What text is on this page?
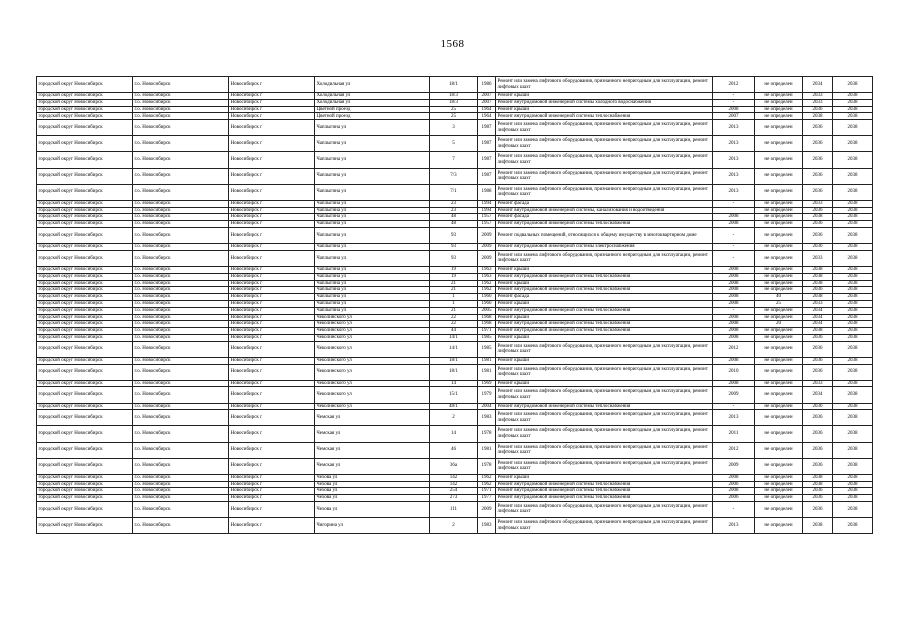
1568
городской округ Новосибирск	г.о. Новосибирск	Новосибирск г	Холодильная ул	18/1	1986	Ремонт или замена лифтового оборудования, признанного непригодным для эксплуатации, ремонт лифтовых шахт	2012	не определен	2034	2038
городской округ Новосибирск	г.о. Новосибирск	Новосибирск г	Холодильная ул	18/3	2007	Ремонт крыши	-	не определен	2033	2038
городской округ Новосибирск	г.о. Новосибирск	Новосибирск г	Холодильная ул	18/3	2007	Ремонт внутридомовой инженерной системы холодного водоснабжения	-	не определен	2033	2038
городской округ Новосибирск	г.о. Новосибирск	Новосибирск г	Цветной проезд	25	1964	Ремонт крыши	2008	не определен	2036	2038
городской округ Новосибирск	г.о. Новосибирск	Новосибирск г	Цветной проезд	25	1964	Ремонт внутридомовой инженерной системы теплоснабжения	2007	не определен	2038	2038
городской округ Новосибирск	г.о. Новосибирск	Новосибирск г	Чаплыгина ул	3	1987	Ремонт или замена лифтового оборудования, признанного непригодным для эксплуатации, ремонт лифтовых шахт	2013	не определен	2036	2038
городской округ Новосибирск	г.о. Новосибирск	Новосибирск г	Чаплыгина ул	5	1987	Ремонт или замена лифтового оборудования, признанного непригодным для эксплуатации, ремонт лифтовых шахт	2013	не определен	2036	2038
городской округ Новосибирск	г.о. Новосибирск	Новосибирск г	Чаплыгина ул	7	1987	Ремонт или замена лифтового оборудования, признанного непригодным для эксплуатации, ремонт лифтовых шахт	2013	не определен	2036	2038
городской округ Новосибирск	г.о. Новосибирск	Новосибирск г	Чаплыгина ул	7/3	1987	Ремонт или замена лифтового оборудования, признанного непригодным для эксплуатации, ремонт лифтовых шахт	2013	не определен	2036	2038
городской округ Новосибирск	г.о. Новосибирск	Новосибирск г	Чаплыгина ул	7/1	1988	Ремонт или замена лифтового оборудования, признанного непригодным для эксплуатации, ремонт лифтовых шахт	2013	не определен	2036	2038
городской округ Новосибирск	г.о. Новосибирск	Новосибирск г	Чаплыгина ул	23	1994	Ремонт фасада	-	не определен	2033	2038
городской округ Новосибирск	г.о. Новосибирск	Новосибирск г	Чаплыгина ул	23	1994	Ремонт внутридомовой инженерной системы, канализования и водоотведения		не определен	2036	2038
городской округ Новосибирск	г.о. Новосибирск	Новосибирск г	Чаплыгина ул	48	1957	Ремонт фасада	2008	не определен	2038	2038
городской округ Новосибирск	г.о. Новосибирск	Новосибирск г	Чаплыгина ул	48	1957	Ремонт внутридомовой инженерной системы теплоснабжения	2008	не определен	2036	2038
городской округ Новосибирск	г.о. Новосибирск	Новосибирск г	Чаплыгина ул	93	2009	Ремонт подвальных помещений, относящихся к общему имуществу в многоквартирном доме	-	не определен	2036	2038
городской округ Новосибирск	г.о. Новосибирск	Новосибирск г	Чаплыгина ул	93	2009	Ремонт внутридомовой инженерной системы электроснабжения	-	не определен	2036	2038
городской округ Новосибирск	г.о. Новосибирск	Новосибирск г	Чаплыгина ул	93	2009	Ремонт или замена лифтового оборудования, признанного непригодным для эксплуатации, ремонт лифтовых шахт	-	не определен	2033	2038
городской округ Новосибирск	г.о. Новосибирск	Новосибирск г	Чаплыгина ул	19	1963	Ремонт крыши	2008	не определен	2038	2038
городской округ Новосибирск	г.о. Новосибирск	Новосибирск г	Чаплыгина ул	19	1963	Ремонт внутридомовой инженерной системы теплоснабжения	2008	не определен	2038	2038
городской округ Новосибирск	г.о. Новосибирск	Новосибирск г	Чаплыгина ул	21	1962	Ремонт крыши	2008	не определен	2038	2038
городской округ Новосибирск	г.о. Новосибирск	Новосибирск г	Чаплыгина ул	21	1962	Ремонт внутридомовой инженерной системы теплоснабжения	2008	не определен	2036	2038
городской округ Новосибирск	г.о. Новосибирск	Новосибирск г	Чаплыгина ул	1	1960	Ремонт фасада	2008	40	2038	2038
городской округ Новосибирск	г.о. Новосибирск	Новосибирск г	Чаплыгина ул	1	1960	Ремонт крыши	2008	25	2033	2038
городской округ Новосибирск	г.о. Новосибирск	Новосибирск г	Чаплыгина ул	21	2005	Ремонт внутридомовой инженерной системы теплоснабжения	-	не определен	2034	2038
городской округ Новосибирск	г.о. Новосибирск	Новосибирск г	Чеколинского ул	22	1968	Ремонт крыши	2008	не определен	2034	2038
городской округ Новосибирск	г.о. Новосибирск	Новосибирск г	Чеколинского ул	22	1968	Ремонт внутридомовой инженерной системы теплоснабжения	2008	20	2034	2038
городской округ Новосибирск	г.о. Новосибирск	Новосибирск г	Чеколинского ул	44	1971	Ремонт внутридомовой инженерной системы теплоснабжения	2008	не определен	2038	2038
городской округ Новосибирск	г.о. Новосибирск	Новосибирск г	Чеколинского ул	14/1	1985	Ремонт крыши	2008	не определен	2036	2038
городской округ Новосибирск	г.о. Новосибирск	Новосибирск г	Чеколинского ул	14/1	1985	Ремонт или замена лифтового оборудования, признанного непригодным для эксплуатации, ремонт лифтовых шахт	2012	не определен	2036	2038
городской округ Новосибирск	г.о. Новосибирск	Новосибирск г	Чеколинского ул	18/1	1981	Ремонт крыши	2008	не определен	2036	2038
городской округ Новосибирск	г.о. Новосибирск	Новосибирск г	Чеколинского ул	18/1	1981	Ремонт или замена лифтового оборудования, признанного непригодным для эксплуатации, ремонт лифтовых шахт	2010	не определен	2036	2038
городской округ Новосибирск	г.о. Новосибирск	Новосибирск г	Чеколинского ул	14	1969	Ремонт крыши	2008	не определен	2033	2038
городской округ Новосибирск	г.о. Новосибирск	Новосибирск г	Чеколинского ул	15/1	1979	Ремонт или замена лифтового оборудования, признанного непригодным для эксплуатации, ремонт лифтовых шахт	2009	не определен	2034	2038
городской округ Новосибирск	г.о. Новосибирск	Новосибирск г	Чеколинского ул	48/1	2004	Ремонт внутридомовой инженерной системы теплоснабжения	-	не определен	2036	2038
городской округ Новосибирск	г.о. Новосибирск	Новосибирск г	Чемская ул	2	1983	Ремонт или замена лифтового оборудования, признанного непригодным для эксплуатации, ремонт лифтовых шахт	2013	не определен	2036	2038
городской округ Новосибирск	г.о. Новосибирск	Новосибирск г	Чемская ул	14	1978	Ремонт или замена лифтового оборудования, признанного непригодным для эксплуатации, ремонт лифтовых шахт	2011	не определен	2036	2038
городской округ Новосибирск	г.о. Новосибирск	Новосибирск г	Чемская ул	46	1981	Ремонт или замена лифтового оборудования, признанного непригодным для эксплуатации, ремонт лифтовых шахт	2012	не определен	2036	2038
городской округ Новосибирск	г.о. Новосибирск	Новосибирск г	Чемская ул	36а	1978	Ремонт или замена лифтового оборудования, признанного непригодным для эксплуатации, ремонт лифтовых шахт	2009	не определен	2036	2038
городской округ Новосибирск	г.о. Новосибирск	Новосибирск г	Чехова ул	142	1962	Ремонт крыши	2008	не определен	2038	2038
городской округ Новосибирск	г.о. Новосибирск	Новосибирск г	Чехова ул	142	1962	Ремонт внутридомовой инженерной системы теплоснабжения	2006	не определен	2038	2038
городской округ Новосибирск	г.о. Новосибирск	Новосибирск г	Чехова ул	254	1971	Ремонт внутридомовой инженерной системы теплоснабжения	2008	не определен	2036	2038
городской округ Новосибирск	г.о. Новосибирск	Новосибирск г	Чехова ул	273	1977	Ремонт внутридомовой инженерной системы теплоснабжения	2006	не определен	2036	2038
городской округ Новосибирск	г.о. Новосибирск	Новосибирск г	Чехова ул	111	2009	Ремонт или замена лифтового оборудования, признанного непригодным для эксплуатации, ремонт лифтовых шахт	-	не определен	2036	2038
городской округ Новосибирск	г.о. Новосибирск	Новосибирск г	Чигорина ул	2	1983	Ремонт или замена лифтового оборудования, признанного непригодным для эксплуатации, ремонт лифтовых шахт	2013	не определен	2038	2038
